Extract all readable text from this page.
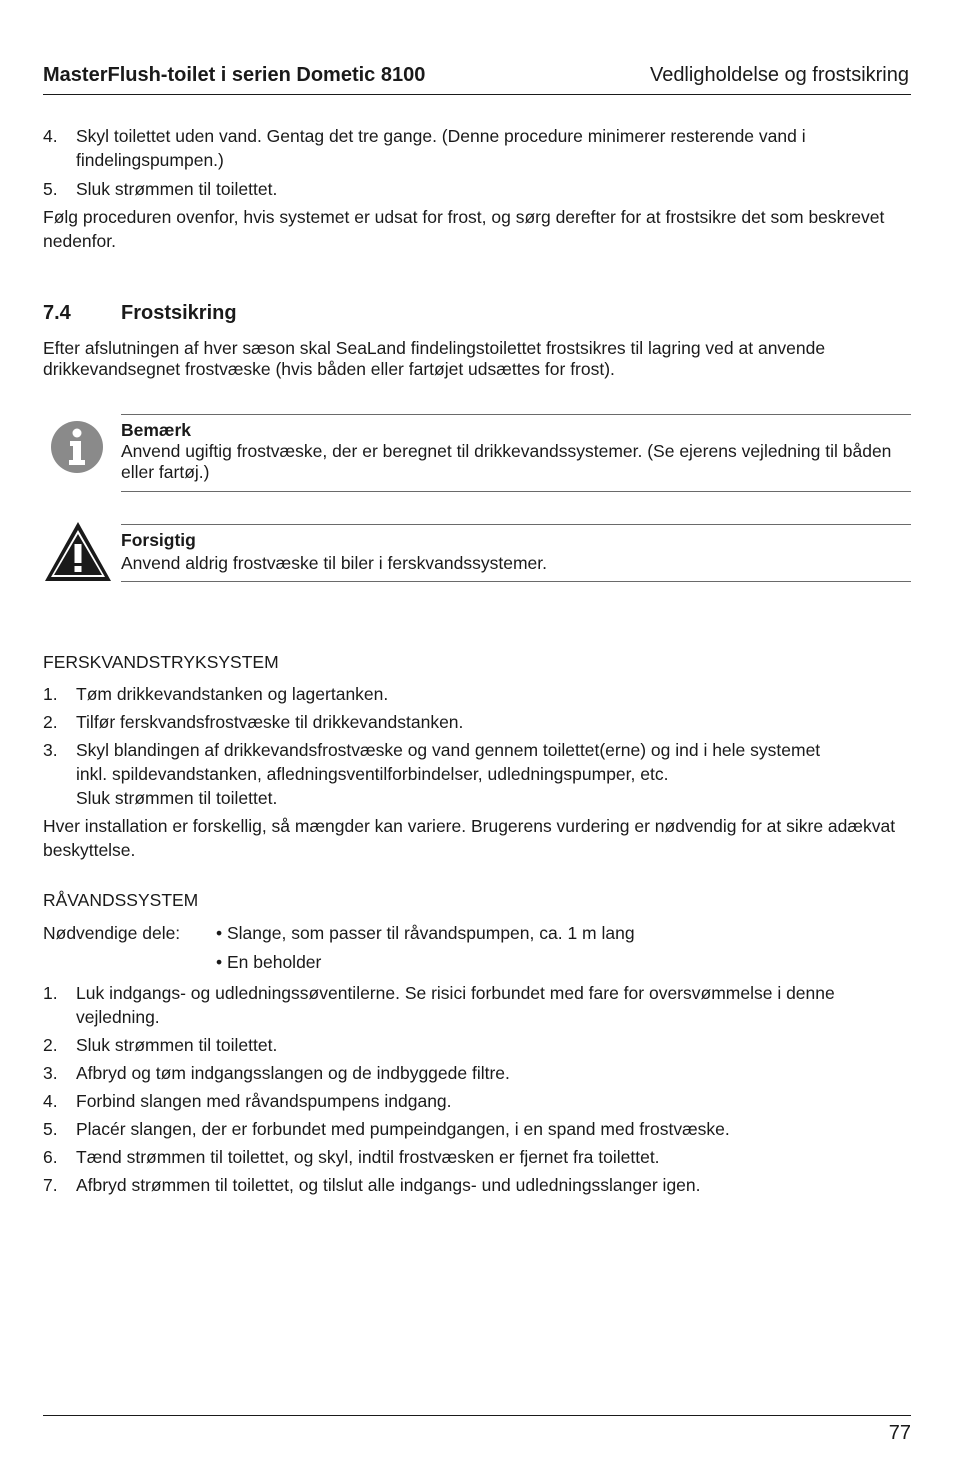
MasterFlush-toilet i serien Dometic 8100	Vedligholdelse og frostsikring
4. Skyl toilettet uden vand. Gentag det tre gange. (Denne procedure minimerer resterende vand i findelingspumpen.)
5. Sluk strømmen til toilettet.
Følg proceduren ovenfor, hvis systemet er udsat for frost, og sørg derefter for at frostsikre det som beskrevet nedenfor.
7.4	Frostsikring
Efter afslutningen af hver sæson skal SeaLand findelingstoilettet frostsikres til lagring ved at anvende drikkevandsegnet frostvæske (hvis båden eller fartøjet udsættes for frost).
Bemærk
Anvend ugiftig frostvæske, der er beregnet til drikkevandssystemer. (Se ejerens vejledning til båden eller fartøj.)
Forsigtig
Anvend aldrig frostvæske til biler i ferskvandssystemer.
FERSKVANDSTRYKSYSTEM
1. Tøm drikkevandstanken og lagertanken.
2. Tilfør ferskvandsfrostvæske til drikkevandstanken.
3. Skyl blandingen af drikkevandsfrostvæske og vand gennem toilettet(erne) og ind i hele systemet inkl. spildevandstanken, afledningsventilforbindelser, udledningspumper, etc.
Sluk strømmen til toilettet.
Hver installation er forskellig, så mængder kan variere. Brugerens vurdering er nødvendig for at sikre adækvat beskyttelse.
RÅVANDSSYSTEM
Nødvendige dele: • Slange, som passer til råvandspumpen, ca. 1 m lang
• En beholder
1. Luk indgangs- og udledningssøventilerne. Se risici forbundet med fare for oversvømmelse i denne vejledning.
2. Sluk strømmen til toilettet.
3. Afbryd og tøm indgangsslangen og de indbyggede filtre.
4. Forbind slangen med råvandspumpens indgang.
5. Placér slangen, der er forbundet med pumpeindgangen, i en spand med frostvæske.
6. Tænd strømmen til toilettet, og skyl, indtil frostvæsken er fjernet fra toilettet.
7. Afbryd strømmen til toilettet, og tilslut alle indgangs- und udledningsslanger igen.
77
